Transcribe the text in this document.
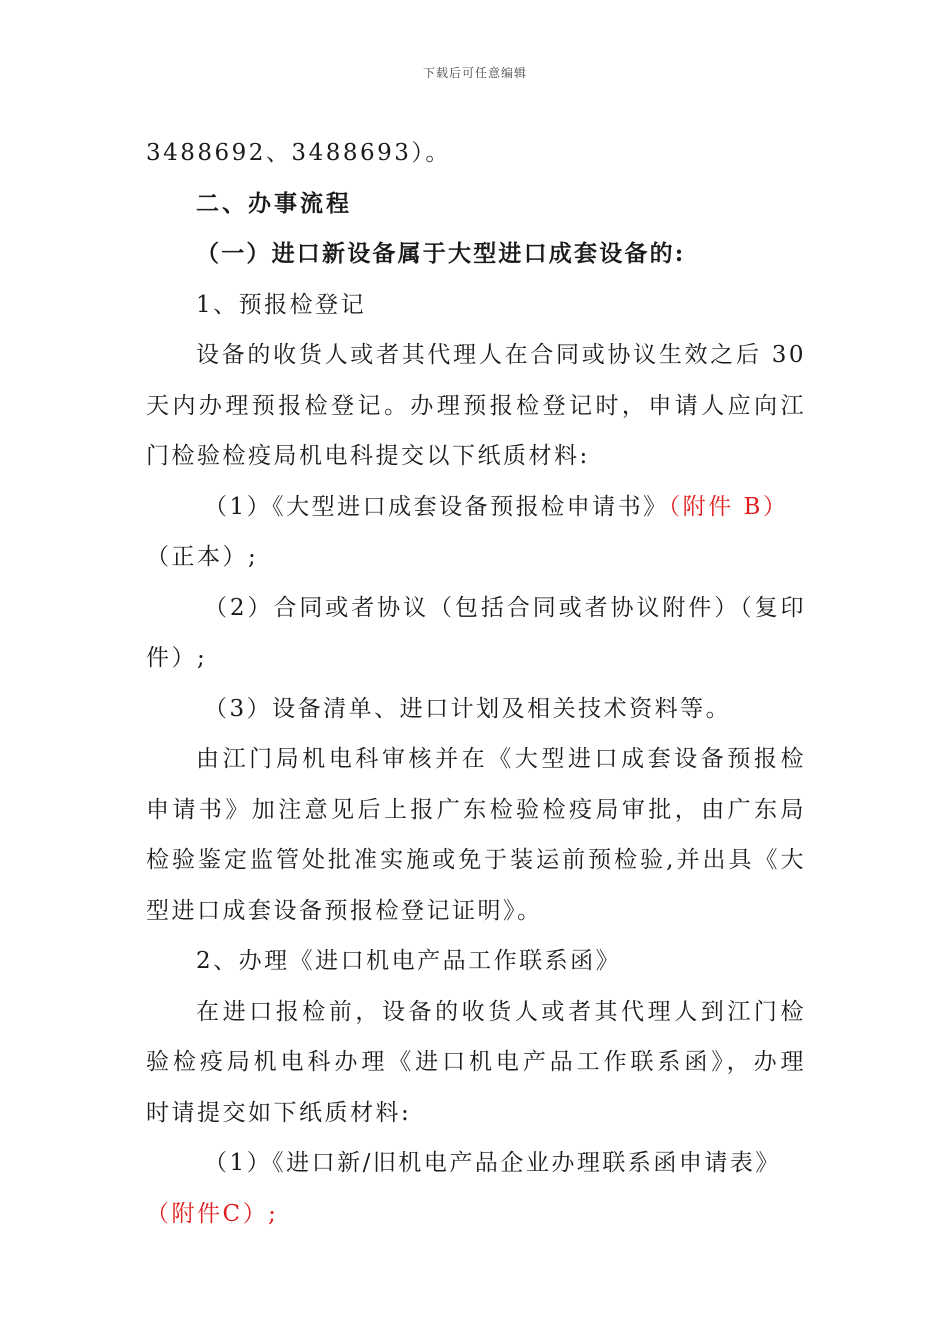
下载后可任意编辑
3488692、3488693）。
二、办事流程
（一）进口新设备属于大型进口成套设备的:
1、预报检登记
设备的收货人或者其代理人在合同或协议生效之后 30
天内办理预报检登记。办理预报检登记时，申请人应向江
门检验检疫局机电科提交以下纸质材料:
（1）《大型进口成套设备预报检申请书》（附件 B）
（正本）;
（2）合同或者协议（包括合同或者协议附件）（复印
件）;
（3）设备清单、进口计划及相关技术资料等。
由江门局机电科审核并在《大型进口成套设备预报检
申请书》加注意见后上报广东检验检疫局审批，由广东局
检验鉴定监管处批准实施或免于装运前预检验,并出具《大
型进口成套设备预报检登记证明》。
2、办理《进口机电产品工作联系函》
在进口报检前，设备的收货人或者其代理人到江门检
验检疫局机电科办理《进口机电产品工作联系函》，办理
时请提交如下纸质材料:
（1）《进口新/旧机电产品企业办理联系函申请表》
（附件C）;
